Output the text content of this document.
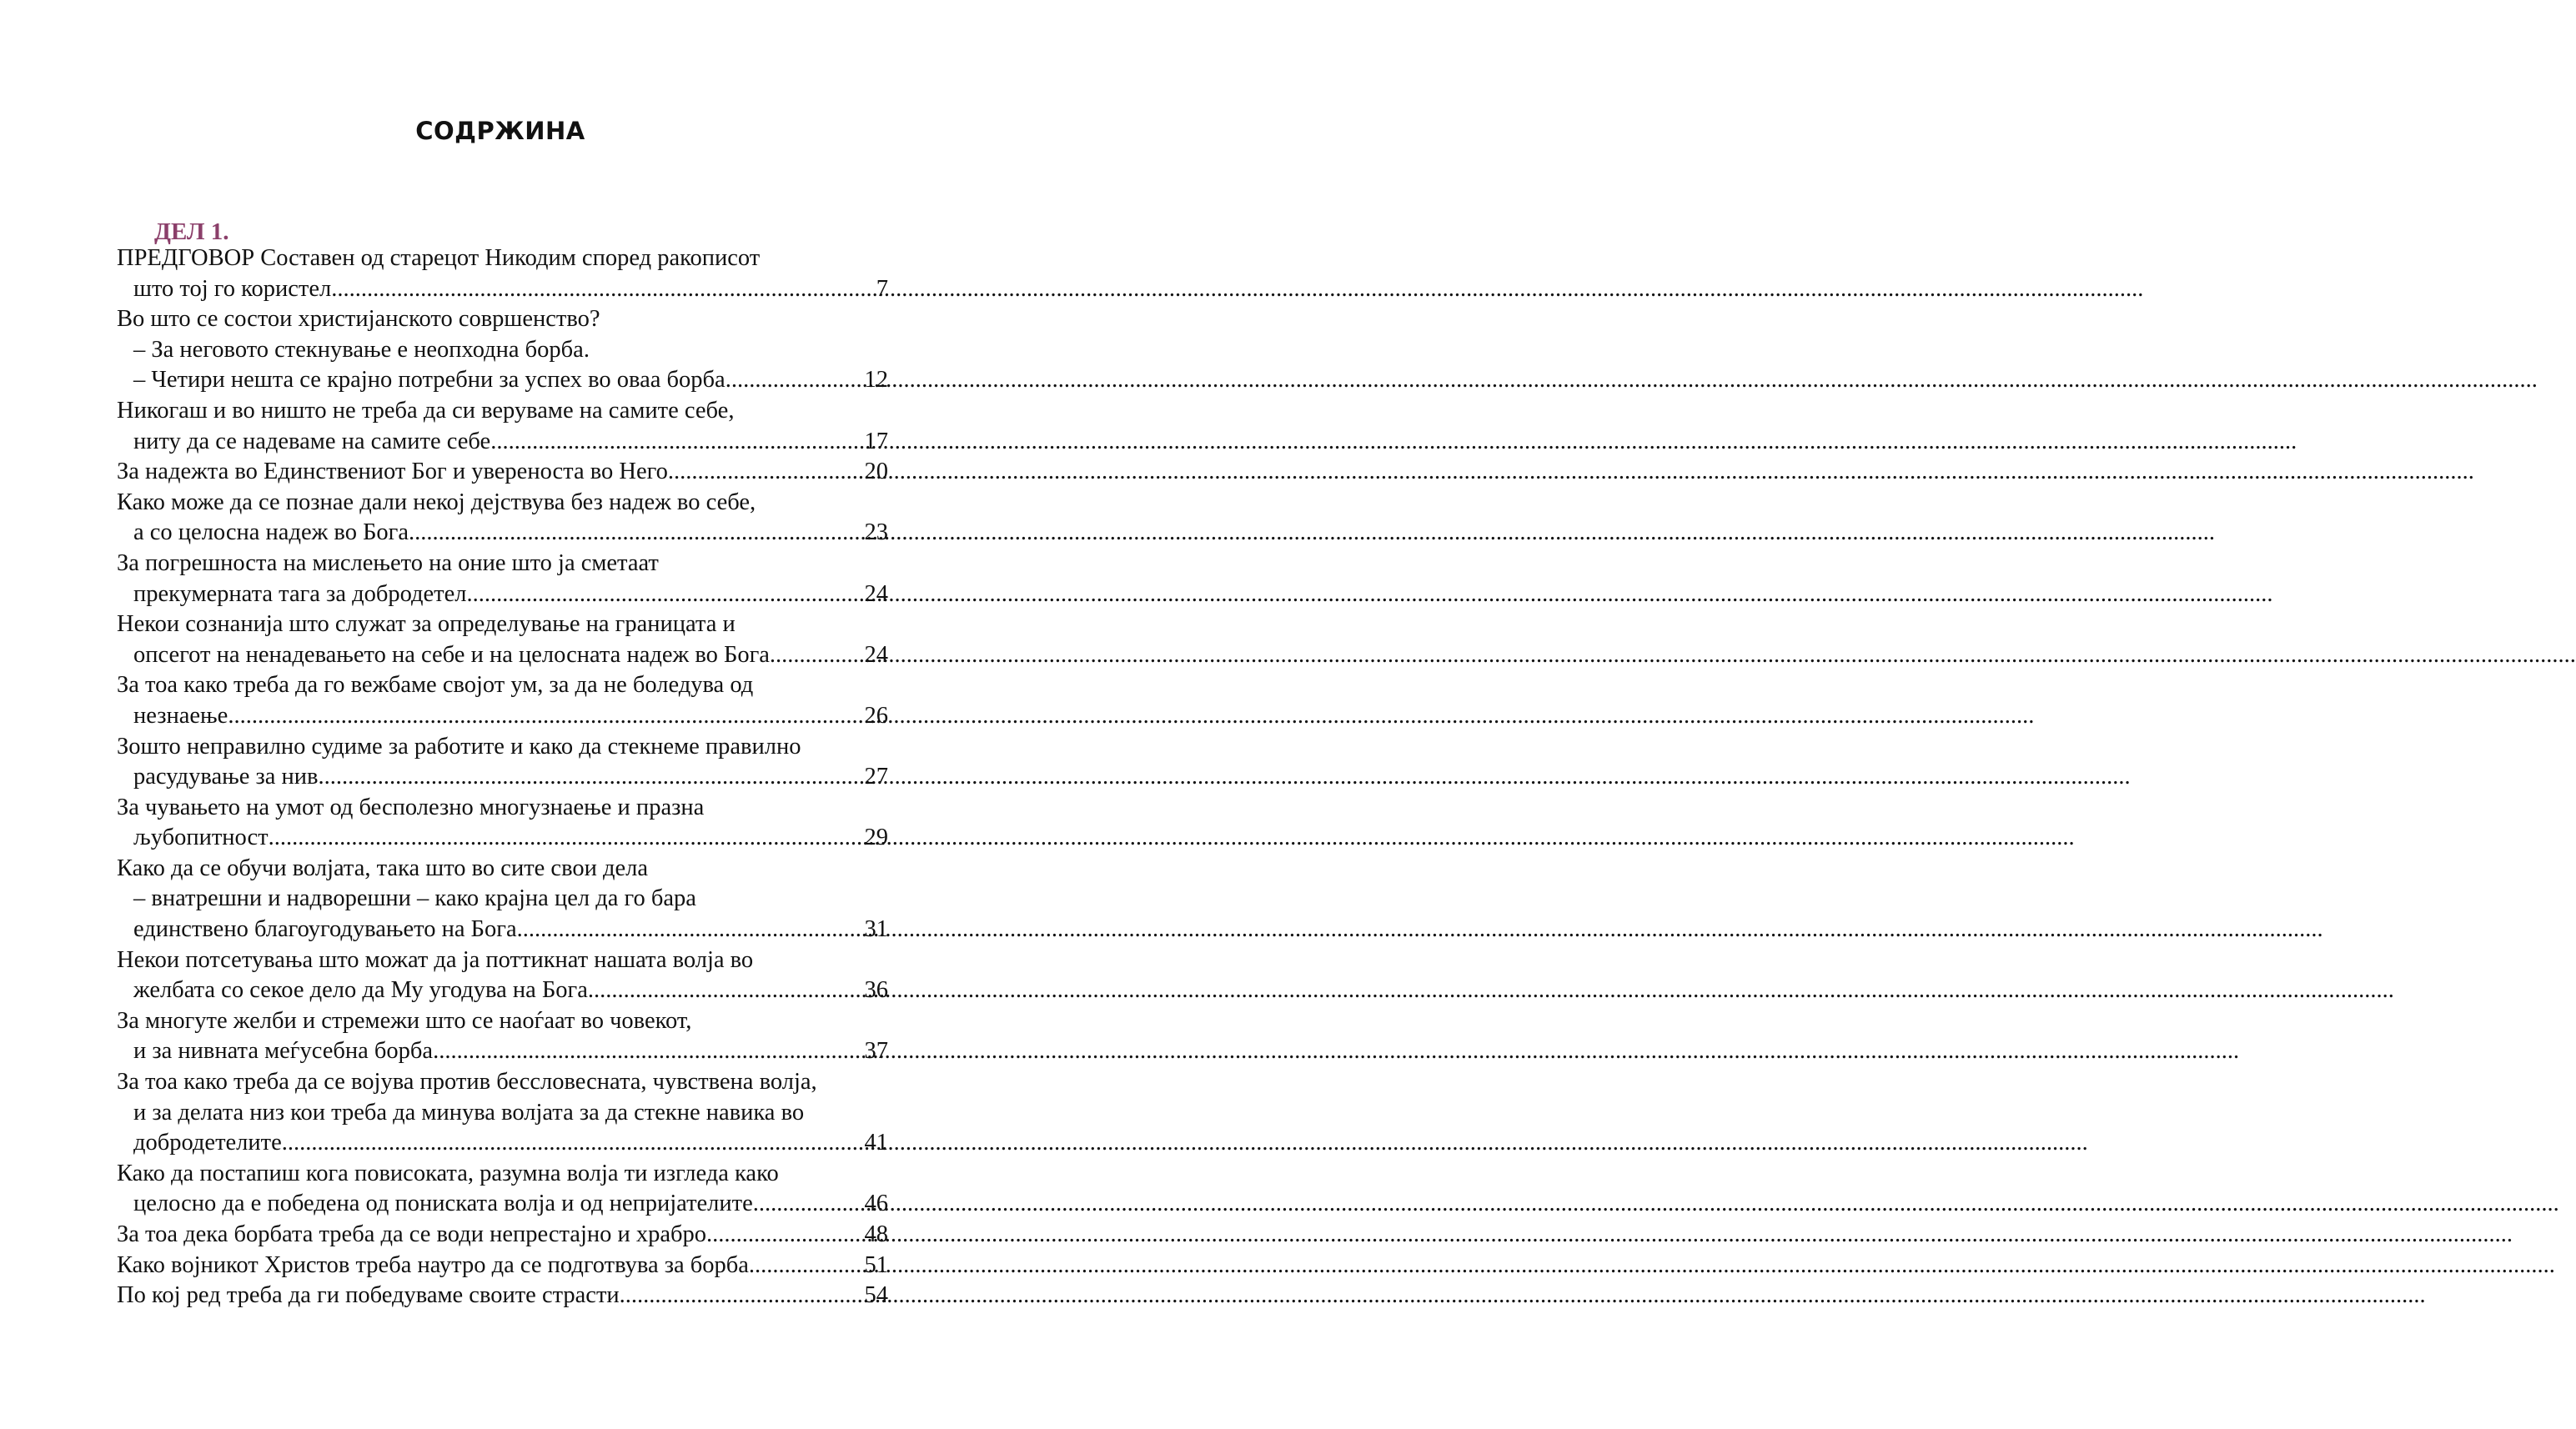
СОДРЖИНА
ДЕЛ 1.
ПРЕДГОВОР Составен од старецот Никодим според ракописот
што тој го користел. .....	7
Во што се состои христијанското совршенство?
– За неговото стекнување е неопходна борба.
– Четири нешта се крајно потребни за успех во оваа борба. .....	12
Никогаш и во ништо не треба да си веруваме на самите себе,
ниту да се надеваме на самите себе .....	17
За надежта во Единствениот Бог и увереноста во Него .....	20
Како може да се познае дали некој дејствува без надеж во себе,
а со целосна надеж во Бога .....	23
За погрешноста на мислењето на оние што ја сметаат
прекумерната тага за добродетел .....	24
Некои сознанија што служат за определување на границата и
опсегот на ненадевањето на себе и на целосната надеж во Бога .....	24
За тоа како треба да го вежбаме својот ум, за да не боледува од
незнаење .....	26
Зошто неправилно судиме за работите и како да стекнеме правилно
расудување за нив. .....	27
За чувањето на умот од бесполезно многузнаење и празна
љубопитност .....	29
Како да се обучи волјата, така што во сите свои дела
– внатрешни и надворешни – како крајна цел да го бара
единствено благоугодувањето на Бога .....	31
Некои потсетувања што можат да ја поттикнат нашата волја во
желбата со секое дело да Му угодува на Бога .....	36
За многуте желби и стремежи што се наоѓаат во човекот,
и за нивната меѓусебна борба .....	37
За тоа како треба да се војува против бессловесната, чувствена волја,
и за делата низ кои треба да минува волјата за да стекне навика во
добродетелите .....	41
Како да постапиш кога повисоката, разумна волја ти изгледа како
целосно да е победена од пониската волја и од непријателите .....	46
За тоа дека борбата треба да се води непрестајно и храбро .....	48
Како војникот Христов треба наутро да се подготвува за борба .....	51
По кој ред треба да ги победуваме своите страсти .....	54
